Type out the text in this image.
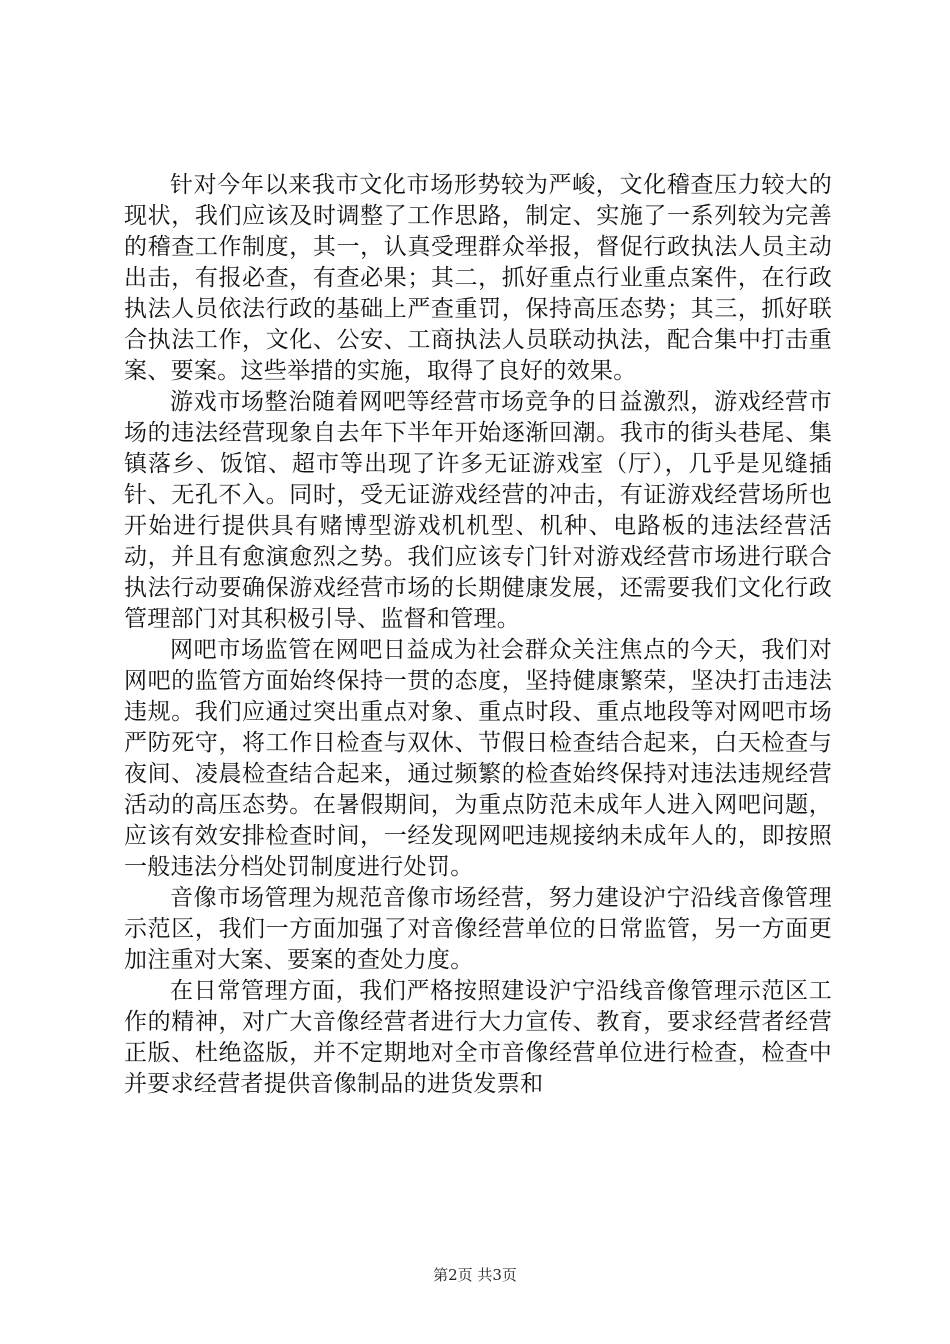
针对今年以来我市文化市场形势较为严峻，文化稽查压力较大的现状，我们应该及时调整了工作思路，制定、实施了一系列较为完善的稽查工作制度，其一，认真受理群众举报，督促行政执法人员主动出击，有报必查，有查必果；其二，抓好重点行业重点案件，在行政执法人员依法行政的基础上严查重罚，保持高压态势；其三，抓好联合执法工作，文化、公安、工商执法人员联动执法，配合集中打击重案、要案。这些举措的实施，取得了良好的效果。

游戏市场整治随着网吧等经营市场竞争的日益激烈，游戏经营市场的违法经营现象自去年下半年开始逐渐回潮。我市的街头巷尾、集镇落乡、饭馆、超市等出现了许多无证游戏室（厅），几乎是见缝插针、无孔不入。同时，受无证游戏经营的冲击，有证游戏经营场所也开始进行提供具有赌博型游戏机机型、机种、电路板的违法经营活动，并且有愈演愈烈之势。我们应该专门针对游戏经营市场进行联合执法行动要确保游戏经营市场的长期健康发展，还需要我们文化行政管理部门对其积极引导、监督和管理。

网吧市场监管在网吧日益成为社会群众关注焦点的今天，我们对网吧的监管方面始终保持一贯的态度，坚持健康繁荣，坚决打击违法违规。我们应通过突出重点对象、重点时段、重点地段等对网吧市场严防死守，将工作日检查与双休、节假日检查结合起来，白天检查与夜间、凌晨检查结合起来，通过频繁的检查始终保持对违法违规经营活动的高压态势。在暑假期间，为重点防范未成年人进入网吧问题，应该有效安排检查时间，一经发现网吧违规接纳未成年人的，即按照一般违法分档处罚制度进行处罚。

音像市场管理为规范音像市场经营，努力建设沪宁沿线音像管理示范区，我们一方面加强了对音像经营单位的日常监管，另一方面更加注重对大案、要案的查处力度。

在日常管理方面，我们严格按照建设沪宁沿线音像管理示范区工作的精神，对广大音像经营者进行大力宣传、教育，要求经营者经营正版、杜绝盗版，并不定期地对全市音像经营单位进行检查，检查中并要求经营者提供音像制品的进货发票和

第2页 共3页
